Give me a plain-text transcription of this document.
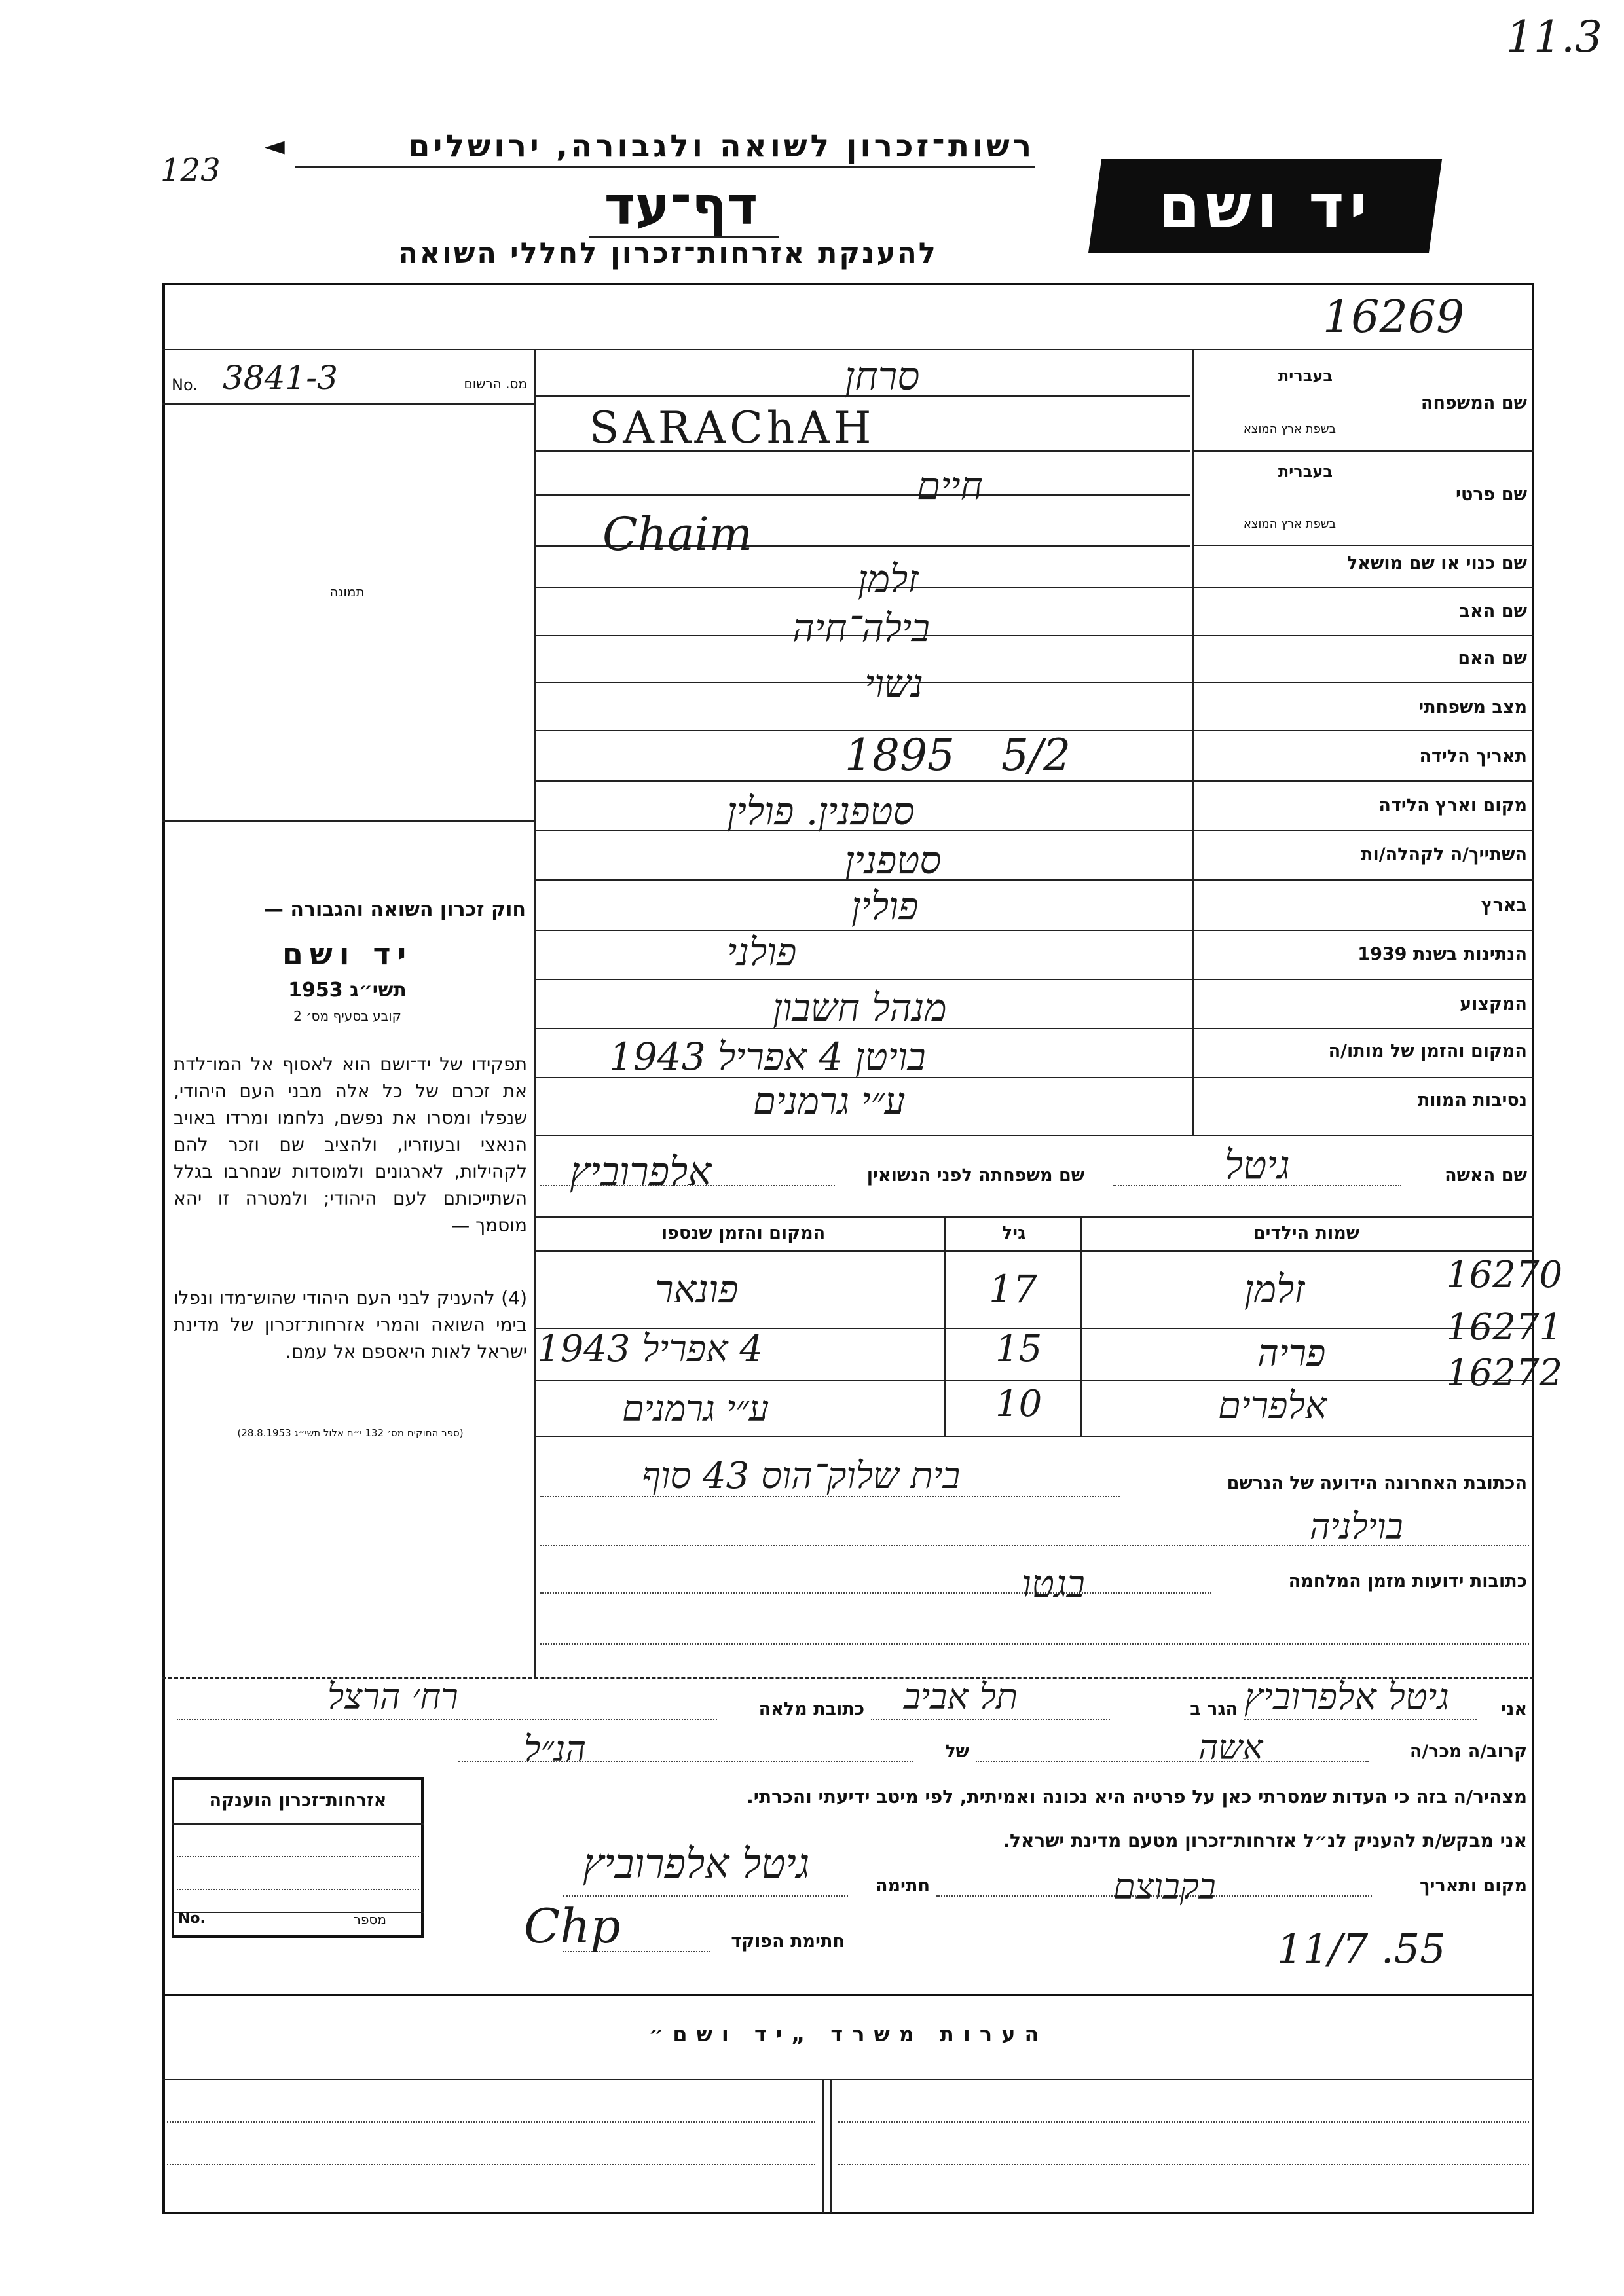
11.3
123
רשות־זכרון לשואה ולגבורה, ירושלים
◄
דף־עד
להענקת אזרחות־זכרון לחללי השואה
יד ושם
16269
מס. הרשום
No. 3841-3
תמונה
חוק זכרון השואה והגבורה —
יד ושם
תשי״ג 1953
קובע בסעיף מס׳ 2
תפקידו של יד־ושם הוא לאסוף אל המו־לדת את זכרם של כל אלה מבני העם היהודי, שנפלו ומסרו את נפשם, נלחמו ומרדו באויב הנאצי ובעוזריו, ולהציב שם וזכר להם לקהילות, לארגונים ולמוסדות שנחרבו בגלל השתייכותם לעם היהודי; ולמטרה זו יהא מוסמך —
(4) להעניק לבני העם היהודי שהוש־מדו ונפלו בימי השואה והמרי אזרחות־זכרון של מדינת ישראל לאות היאספם אל עמם.
(ספר החוקים מס׳ 132 י״ח אלול תשי״ג 28.8.1953)
שם המשפחה
בעברית
בשפת ארץ המוצא
סרחן
SARAChAH
שם פרטי
בעברית
בשפת ארץ המוצא
חיים
Chaim
שם כנוי או שם מושאל
שם האב
זלמן
שם האם
בילה־חיה
מצב משפחתי
נשוי
תאריך הלידה
1895 5/2
מקום וארץ הלידה
סטפנין. פולין
השתייך/ה לקהלה/ות
סטפנין
בארץ
פולין
הנתינות בשנת 1939
פולני
המקצוע
מנהל חשבון
המקום והזמן של מותו/ה
בויטן 4 אפריל 1943
נסיבות המוות
ע״י גרמנים
שם האשה
גיטל
שם משפחתה לפני הנשואין
אלפרוביץ
שמות הילדים
גיל
המקום והזמן שנספו
זלמן
17
פונאר	16270
פריה
15
4 אפריל 1943
16271
אלפרים
10
ע״י גרמנים
16272
הכתובת האחרונה הידועה של הנרשם
בית שלוק־הוס 43 סוף
בוילניה
כתובות ידועות מזמן המלחמה
בגטו
אני
גיטל אלפרוביץ
הגר ב
תל אביב
כתובת מלאה
רח׳ הרצל
קרוב/ה מכר/ה
אשה
של
הנ״ל
מצהיר/ה בזה כי העדות שמסרתי כאן על פרטיה היא נכונה ואמיתית, לפי מיטב ידיעתי והכרתי.
אני מבקש/ת להעניק לנ״ל אזרחות־זכרון מטעם מדינת ישראל.
מקום ותאריך
בקבוצם
חתימה
גיטל אלפרוביץ
11/7 .55
חתימת הפוקד
Chp
אזרחות־זכרון הוענקה
No.	מספר
הערות משרד „יד ושם״
